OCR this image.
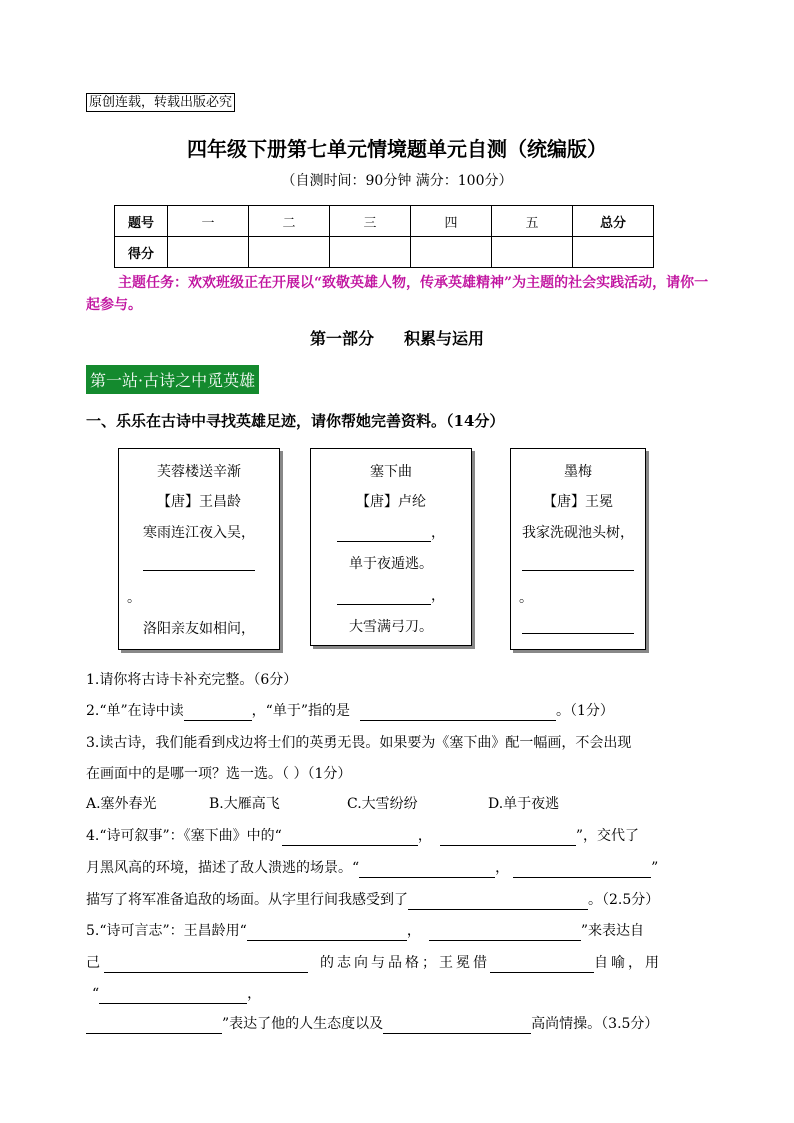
原创连载，转载出版必究
四年级下册第七单元情境题单元自测（统编版）
（自测时间：90分钟 满分：100分）
题号	一	二	三	四	五	总分
得分						
主题任务：欢欢班级正在开展以“致敬英雄人物，传承英雄精神”为主题的社会实践活动，请你一起参与。
第一部分 积累与运用
第一站·古诗之中觅英雄
一、乐乐在古诗中寻找英雄足迹，请你帮她完善资料。（14分）
芙蓉楼送辛渐
【唐】王昌龄
寒雨连江夜入吴，
。
洛阳亲友如相问，
塞下曲
【唐】卢纶
，
单于夜遁逃。
，
大雪满弓刀。
墨梅
【唐】王冕
我家洗砚池头树，
。
1.请你将古诗卡补充完整。（6分）
2.“单”在诗中读	，“单于”指的是	。（1分）
3.读古诗，我们能看到戍边将士们的英勇无畏。如果要为《塞下曲》配一幅画，不会出现
在画面中的是哪一项？选一选。（ ）（1分）
A.塞外春光	B.大雁高飞	C.大雪纷纷	D.单于夜逃
4.“诗可叙事”：《塞下曲》中的“	，	”，交代了
月黑风高的环境，描述了敌人溃逃的场景。“	，	”
描写了将军准备追敌的场面。从字里行间我感受到了	。（2.5分）
5.“诗可言志”：王昌龄用“	，	”来表达自
己	的志向与品格；王冕借	自喻，用
“	，
”表达了他的人生态度以及	高尚情操。（3.5分）
